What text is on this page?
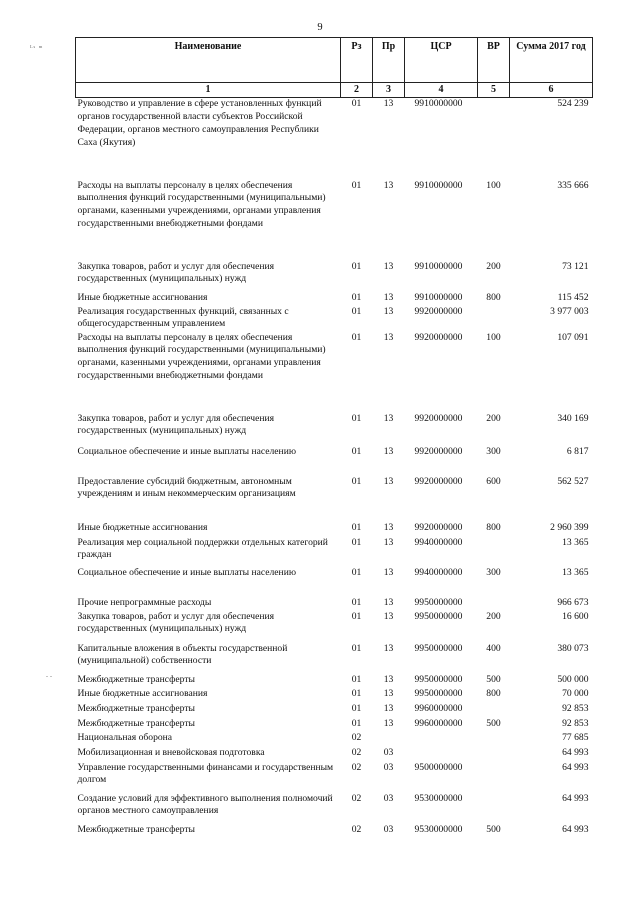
9
ᴸˢ ᵐ
. .
Наименование	Рз	Пр	ЦСР	ВР	Сумма 2017 год
1	2	3	4	5	6
Руководство и управление в сфере установленных функций органов государственной власти субъектов Российской Федерации, органов местного самоуправления Республики Саха (Якутия)	01	13	9910000000		524 239
Расходы на выплаты персоналу в целях обеспечения выполнения функций государственными (муниципальными) органами, казенными учреждениями, органами управления государственными внебюджетными фондами	01	13	9910000000	100	335 666
Закупка товаров, работ и услуг для обеспечения государственных (муниципальных) нужд	01	13	9910000000	200	73 121
Иные бюджетные ассигнования	01	13	9910000000	800	115 452
Реализация государственных функций, связанных с общегосударственным управлением	01	13	9920000000		3 977 003
Расходы на выплаты персоналу в целях обеспечения выполнения функций государственными (муниципальными) органами, казенными учреждениями, органами управления государственными внебюджетными фондами	01	13	9920000000	100	107 091
Закупка товаров, работ и услуг для обеспечения государственных (муниципальных) нужд	01	13	9920000000	200	340 169
Социальное обеспечение и иные выплаты населению	01	13	9920000000	300	6 817
Предоставление субсидий бюджетным, автономным учреждениям и иным некоммерческим организациям	01	13	9920000000	600	562 527
Иные бюджетные ассигнования	01	13	9920000000	800	2 960 399
Реализация мер социальной поддержки отдельных категорий граждан	01	13	9940000000		13 365
Социальное обеспечение и иные выплаты населению	01	13	9940000000	300	13 365
Прочие непрограммные расходы	01	13	9950000000		966 673
Закупка товаров, работ и услуг для обеспечения государственных (муниципальных) нужд	01	13	9950000000	200	16 600
Капитальные вложения в объекты государственной (муниципальной) собственности	01	13	9950000000	400	380 073
Межбюджетные трансферты	01	13	9950000000	500	500 000
Иные бюджетные ассигнования	01	13	9950000000	800	70 000
Межбюджетные трансферты	01	13	9960000000		92 853
Межбюджетные трансферты	01	13	9960000000	500	92 853
Национальная оборона	02				77 685
Мобилизационная и вневойсковая подготовка	02	03			64 993
Управление государственными финансами и государственным долгом	02	03	9500000000		64 993
Создание условий для эффективного выполнения полномочий органов местного самоуправления	02	03	9530000000		64 993
Межбюджетные трансферты	02	03	9530000000	500	64 993
